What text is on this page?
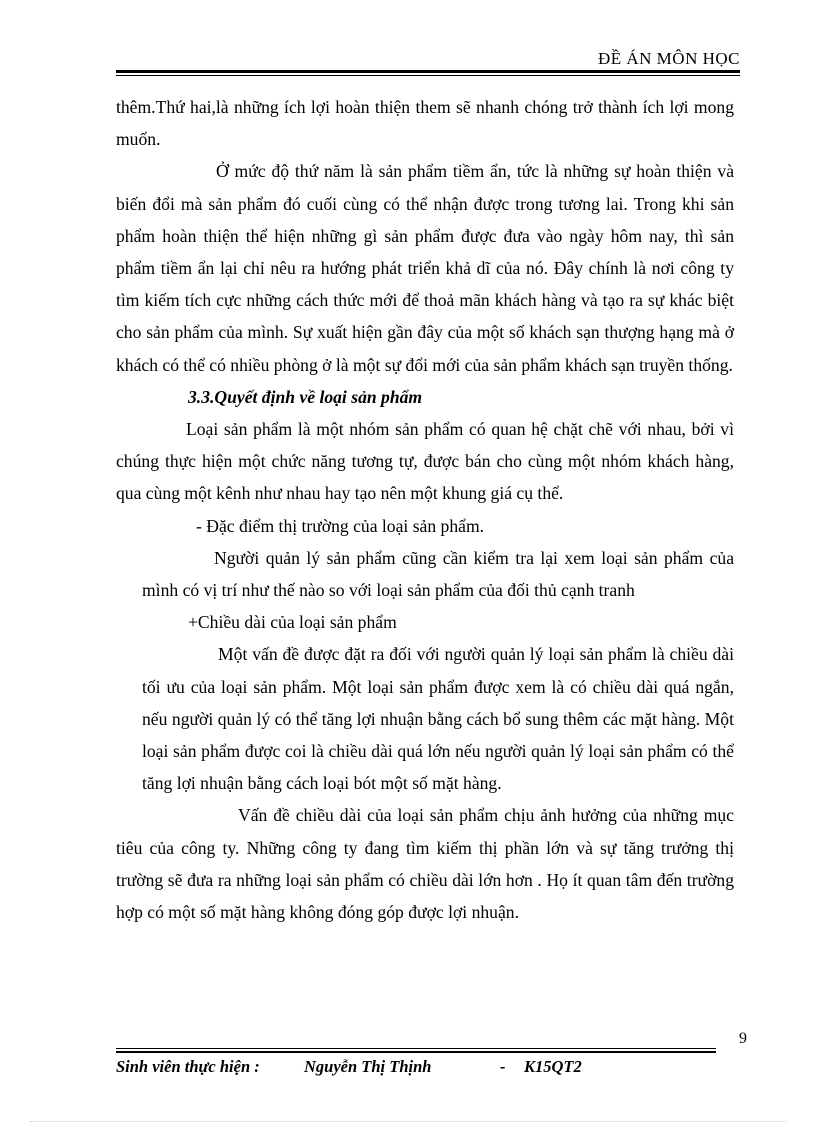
ĐỀ ÁN MÔN HỌC

thêm.Thứ hai,là những ích lợi hoàn thiện them sẽ nhanh chóng trở thành ích lợi mong muốn.

Ở mức độ thứ năm là sản phẩm tiềm ẩn, tức là những sự hoàn thiện và biến đổi mà sản phẩm đó cuối cùng có thể nhận được trong tương lai. Trong khi sản phẩm hoàn thiện thể hiện những gì sản phẩm được đưa vào ngày hôm nay, thì sản phẩm tiềm ẩn lại chỉ nêu ra hướng phát triển khả dĩ của nó. Đây chính là nơi công ty tìm kiếm tích cực những cách thức mới để thoả mãn khách hàng và tạo ra sự khác biệt cho sản phẩm của mình. Sự xuất hiện gần đây của một số khách sạn thượng hạng mà ở khách có thể có nhiều phòng ở là một sự đổi mới của sản phẩm khách sạn truyền thống.

3.3.Quyết định về loại sản phẩm

Loại sản phẩm là một nhóm sản phẩm có quan hệ chặt chẽ với nhau, bởi vì chúng thực hiện một chức năng tương tự, được bán cho cùng một nhóm khách hàng, qua cùng một kênh như nhau hay tạo nên một khung giá cụ thể.

- Đặc điểm thị trường của loại sản phẩm.

Người quản lý sản phẩm cũng cần kiểm tra lại xem loại sản phẩm của mình có vị trí như thế nào so với loại sản phẩm của đối thủ cạnh tranh

+Chiều dài của loại sản phẩm

Một vấn đề được đặt ra đối với người quản lý loại sản phẩm là chiều dài tối ưu của loại sản phẩm. Một loại sản phẩm được xem là có chiều dài quá ngắn, nếu người quản lý có thể tăng lợi nhuận bằng cách bổ sung thêm các mặt hàng. Một loại sản phẩm được coi là chiều dài quá lớn nếu người quản lý loại sản phẩm có thể tăng lợi nhuận bằng cách loại bót một số mặt hàng.

Vấn đề chiều dài của loại sản phẩm chịu ảnh hưởng của những mục tiêu của công ty. Những công ty đang tìm kiếm thị phần lớn và sự tăng trưởng thị trường sẽ đưa ra những loại sản phẩm có chiều dài lớn hơn . Họ ít quan tâm đến trường hợp có một số mặt hàng không đóng góp được lợi nhuận.

9
Sinh viên thực hiện :	Nguyễn Thị Thịnh	- K15QT2
